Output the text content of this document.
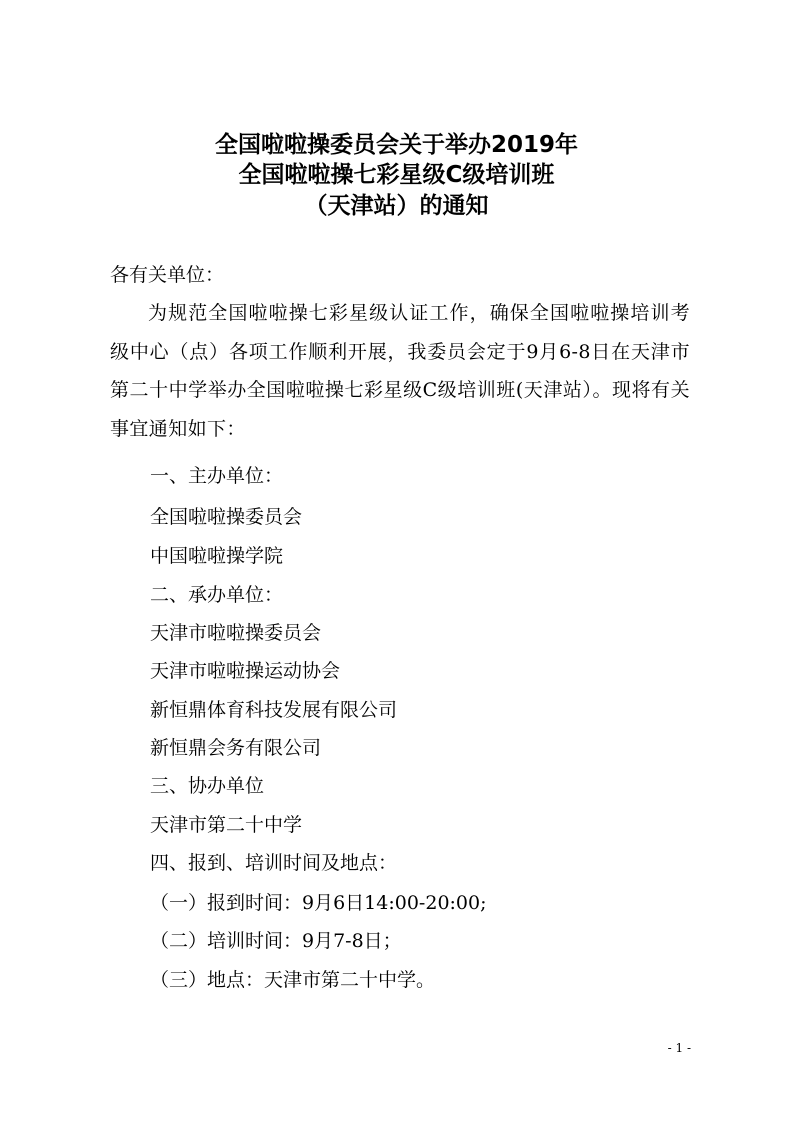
全国啦啦操委员会关于举办2019年
全国啦啦操七彩星级C级培训班
（天津站）的通知
各有关单位：
为规范全国啦啦操七彩星级认证工作，确保全国啦啦操培训考级中心（点）各项工作顺利开展，我委员会定于9月6-8日在天津市第二十中学举办全国啦啦操七彩星级C级培训班(天津站）。现将有关事宜通知如下：
一、主办单位：
全国啦啦操委员会
中国啦啦操学院
二、承办单位：
天津市啦啦操委员会
天津市啦啦操运动协会
新恒鼎体育科技发展有限公司
新恒鼎会务有限公司
三、协办单位
天津市第二十中学
四、报到、培训时间及地点：
（一）报到时间：9月6日14:00-20:00;
（二）培训时间：9月7-8日；
（三）地点：天津市第二十中学。
- 1 -
